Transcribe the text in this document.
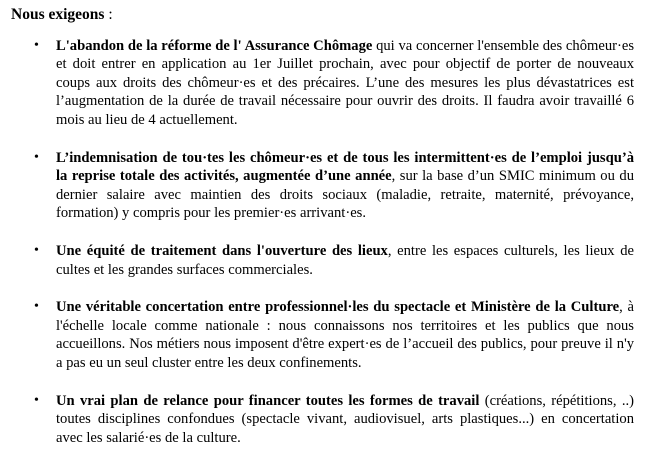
Nous exigeons :
• L'abandon de la réforme de l' Assurance Chômage qui va concerner l'ensemble des chômeur·es et doit entrer en application au 1er Juillet prochain, avec pour objectif de porter de nouveaux coups aux droits des chômeur·es et des précaires. L’une des mesures les plus dévastatrices est l’augmentation de la durée de travail nécessaire pour ouvrir des droits. Il faudra avoir travaillé 6 mois au lieu de 4 actuellement.
• L’indemnisation de tou·tes les chômeur·es et de tous les intermittent·es de l’emploi jusqu’à la reprise totale des activités, augmentée d’une année, sur la base d’un SMIC minimum ou du dernier salaire avec maintien des droits sociaux (maladie, retraite, maternité, prévoyance, formation) y compris pour les premier·es arrivant·es.
• Une équité de traitement dans l'ouverture des lieux, entre les espaces culturels, les lieux de cultes et les grandes surfaces commerciales.
• Une véritable concertation entre professionnel·les du spectacle et Ministère de la Culture, à l'échelle locale comme nationale : nous connaissons nos territoires et les publics que nous accueillons. Nos métiers nous imposent d'être expert·es de l’accueil des publics, pour preuve il n'y a pas eu un seul cluster entre les deux confinements.
• Un vrai plan de relance pour financer toutes les formes de travail (créations, répétitions, ..) toutes disciplines confondues (spectacle vivant, audiovisuel, arts plastiques...) en concertation avec les salarié·es de la culture.
